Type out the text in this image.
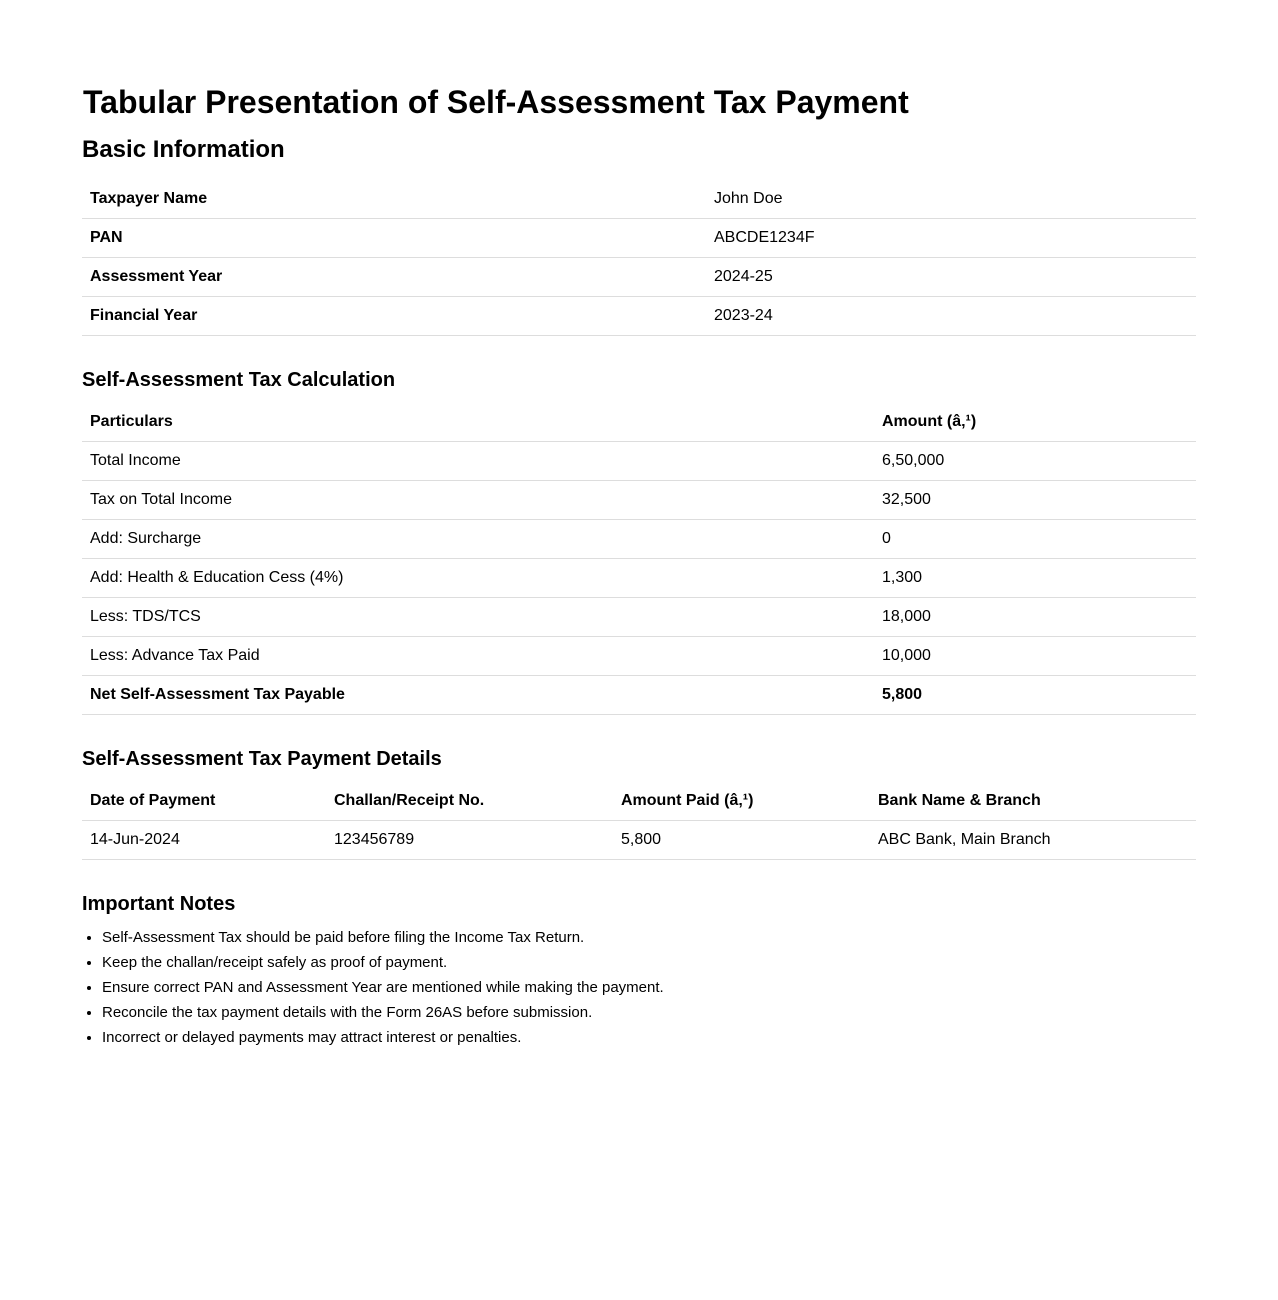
Tabular Presentation of Self-Assessment Tax Payment
Basic Information
Taxpayer Name	John Doe
PAN	ABCDE1234F
Assessment Year	2024-25
Financial Year	2023-24
Self-Assessment Tax Calculation
Particulars	Amount (â‚¹)
Total Income	6,50,000
Tax on Total Income	32,500
Add: Surcharge	0
Add: Health & Education Cess (4%)	1,300
Less: TDS/TCS	18,000
Less: Advance Tax Paid	10,000
Net Self-Assessment Tax Payable	5,800
Self-Assessment Tax Payment Details
Date of Payment	Challan/Receipt No.	Amount Paid (â‚¹)	Bank Name & Branch
14-Jun-2024	123456789	5,800	ABC Bank, Main Branch
Important Notes
• Self-Assessment Tax should be paid before filing the Income Tax Return.
• Keep the challan/receipt safely as proof of payment.
• Ensure correct PAN and Assessment Year are mentioned while making the payment.
• Reconcile the tax payment details with the Form 26AS before submission.
• Incorrect or delayed payments may attract interest or penalties.
